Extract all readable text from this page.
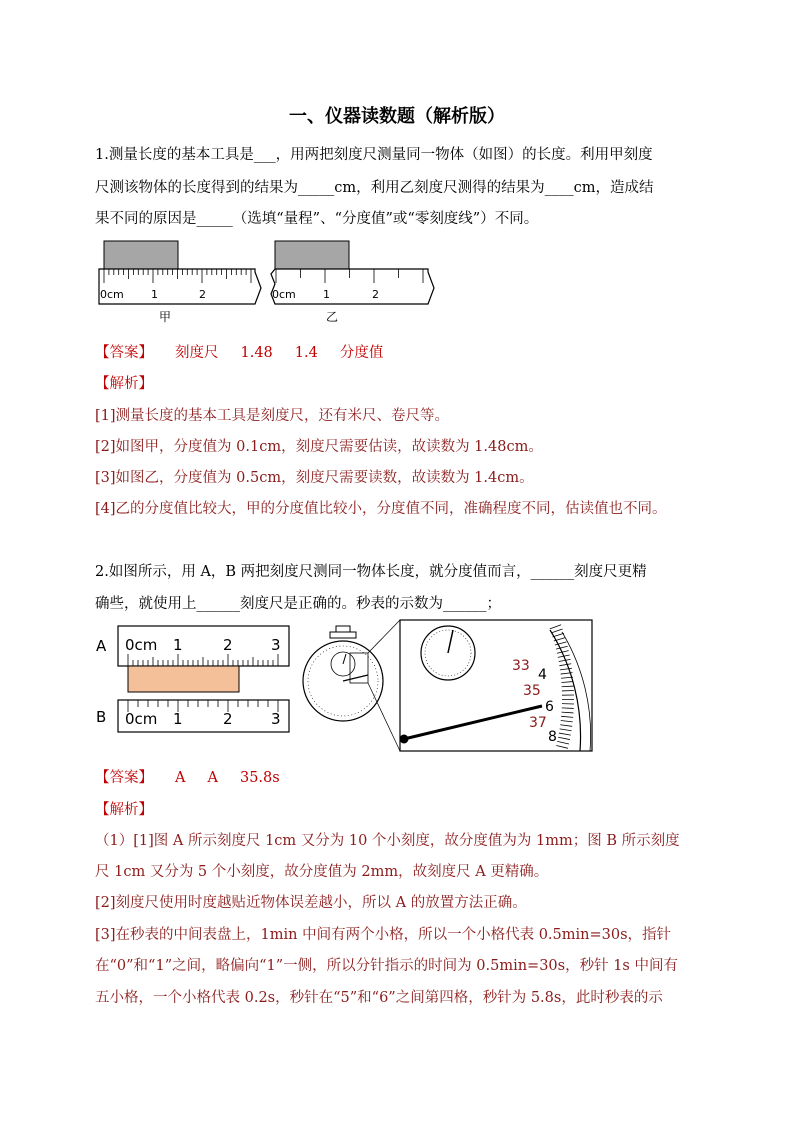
一、仪器读数题（解析版）
1.测量长度的基本工具是___，用两把刻度尺测量同一物体（如图）的长度。利用甲刻度
尺测该物体的长度得到的结果为_____cm，利用乙刻度尺测得的结果为____cm，造成结
果不同的原因是_____（选填“量程”、“分度值”或“零刻度线”）不同。
0cm 1	2
甲
0cm 1	2
乙
【答案】 刻度尺 1.48 1.4 分度值
【解析】
[1]测量长度的基本工具是刻度尺，还有米尺、卷尺等。
[2]如图甲，分度值为 0.1cm，刻度尺需要估读，故读数为 1.48cm。
[3]如图乙，分度值为 0.5cm，刻度尺需要读数，故读数为 1.4cm。
[4]乙的分度值比较大，甲的分度值比较小，分度值不同，准确程度不同，估读值也不同。
2.如图所示，用 A，B 两把刻度尺测同一物体长度，就分度值而言，______刻度尺更精
确些，就使用上______刻度尺是正确的。秒表的示数为______；
A
B
0cm 1	2	3
0cm 1	2	3
33
4
35
6
37
8
【答案】 A A 35.8s
【解析】
（1）[1]图 A 所示刻度尺 1cm 又分为 10 个小刻度，故分度值为为 1mm；图 B 所示刻度
尺 1cm 又分为 5 个小刻度，故分度值为 2mm，故刻度尺 A 更精确。
[2]刻度尺使用时度越贴近物体误差越小，所以 A 的放置方法正确。
[3]在秒表的中间表盘上，1min 中间有两个小格，所以一个小格代表 0.5min=30s，指针
在“0”和“1”之间，略偏向“1”一侧，所以分针指示的时间为 0.5min=30s，秒针 1s 中间有
五小格，一个小格代表 0.2s，秒针在“5”和“6”之间第四格，秒针为 5.8s，此时秒表的示
